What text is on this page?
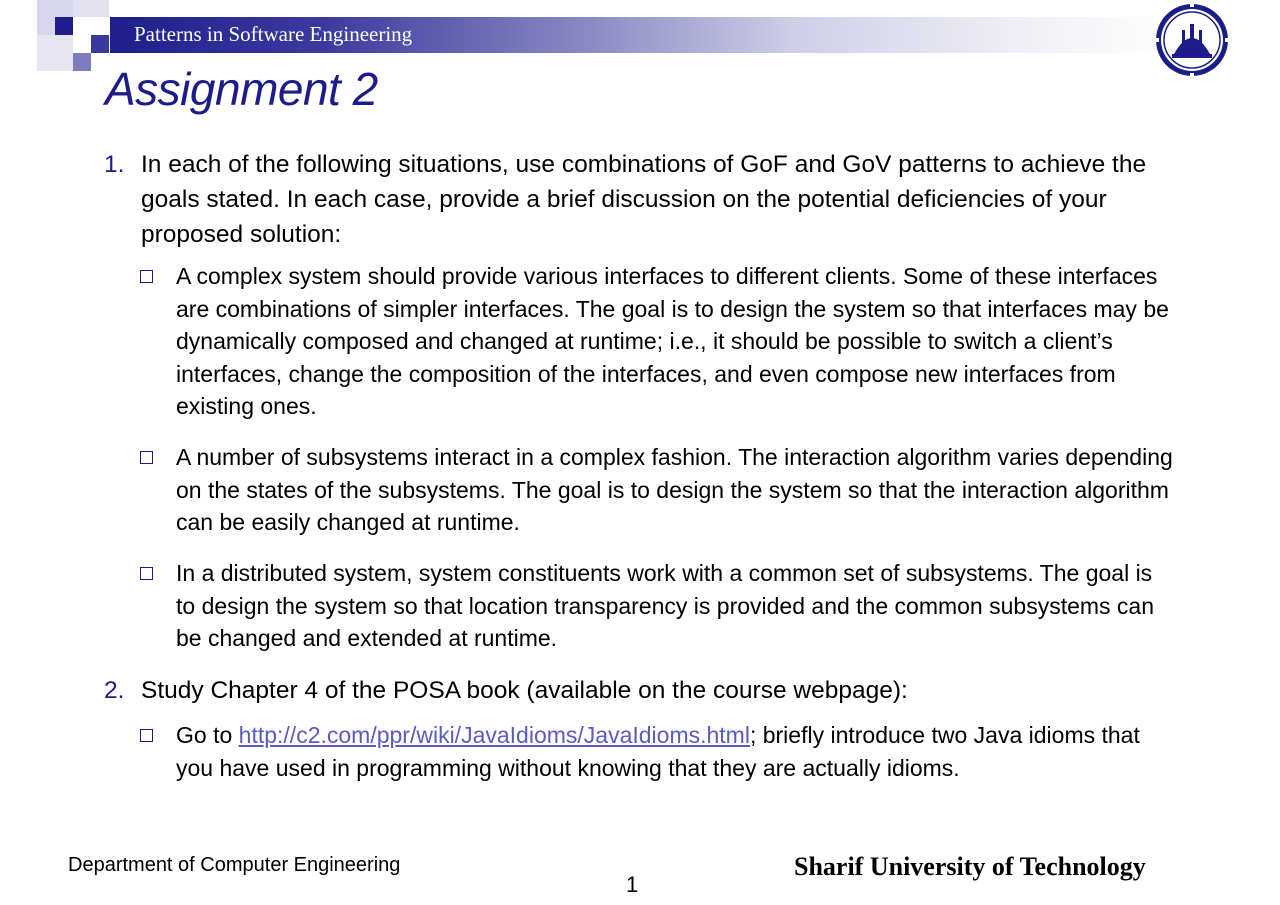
Patterns in Software Engineering
Assignment 2
1. In each of the following situations, use combinations of GoF and GoV patterns to achieve the goals stated. In each case, provide a brief discussion on the potential deficiencies of your proposed solution:
A complex system should provide various interfaces to different clients. Some of these interfaces are combinations of simpler interfaces. The goal is to design the system so that interfaces may be dynamically composed and changed at runtime; i.e., it should be possible to switch a client’s interfaces, change the composition of the interfaces, and even compose new interfaces from existing ones.
A number of subsystems interact in a complex fashion. The interaction algorithm varies depending on the states of the subsystems. The goal is to design the system so that the interaction algorithm can be easily changed at runtime.
In a distributed system, system constituents work with a common set of subsystems. The goal is to design the system so that location transparency is provided and the common subsystems can be changed and extended at runtime.
2. Study Chapter 4 of the POSA book (available on the course webpage):
Go to http://c2.com/ppr/wiki/JavaIdioms/JavaIdioms.html; briefly introduce two Java idioms that you have used in programming without knowing that they are actually idioms.
Department of Computer Engineering
1
Sharif University of Technology
